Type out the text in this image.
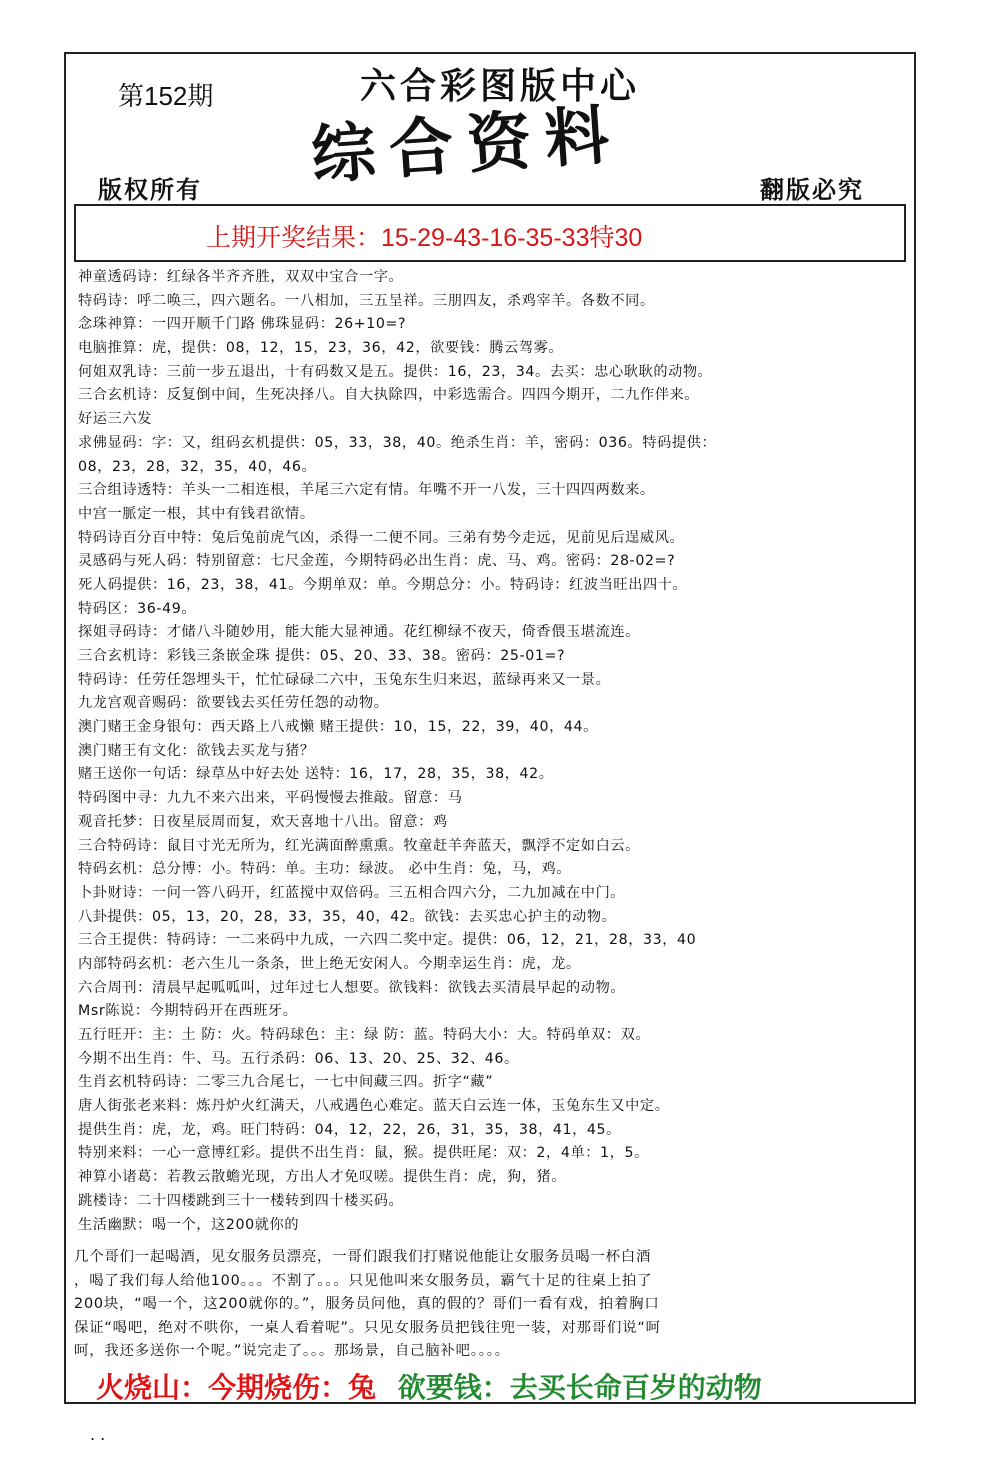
第152期	六合彩图版中心
综合资料
版权所有	翻版必究
上期开奖结果：15-29-43-16-35-33特30
神童透码诗：红绿各半齐齐胜，双双中宝合一字。
特码诗：呼二唤三，四六题名。一八相加，三五呈祥。三朋四友，杀鸡宰羊。各数不同。
念珠神算：一四开顺千门路 佛珠显码：26+10=?
电脑推算：虎，提供：08，12，15，23，36，42，欲要钱：腾云驾雾。
何姐双乳诗：三前一步五退出，十有码数又是五。提供：16，23，34。去买：忠心耿耿的动物。
三合玄机诗：反复倒中间，生死决择八。自大执除四，中彩选需合。四四今期开，二九作伴来。
好运三六发
求佛显码：字：又，组码玄机提供：05，33，38，40。绝杀生肖：羊，密码：036。特码提供：
08，23，28，32，35，40，46。
三合组诗透特：羊头一二相连根，羊尾三六定有情。年嘴不开一八发，三十四四两数来。
中宫一脈定一根，其中有钱君欲情。
特码诗百分百中特：兔后兔前虎气凶，杀得一二便不同。三弟有势今走远，见前见后逞威风。
灵感码与死人码：特别留意：七尺金莲，今期特码必出生肖：虎、马、鸡。密码：28-02=?
死人码提供：16，23，38，41。今期单双：单。今期总分：小。特码诗：红波当旺出四十。
特码区：36-49。
探姐寻码诗：才储八斗随妙用，能大能大显神通。花红柳绿不夜天，倚香偎玉堪流连。
三合玄机诗：彩钱三条嵌金珠 提供：05、20、33、38。密码：25-01=?
特码诗：任劳任怨埋头干，忙忙碌碌二六中，玉兔东生归来迟，蓝绿再来又一景。
九龙宫观音赐码：欲要钱去买任劳任怨的动物。
澳门赌王金身银句：西天路上八戒懒 赌王提供：10，15，22，39，40，44。
澳门赌王有文化：欲钱去买龙与猪？
赌王送你一句话：绿草丛中好去处 送特：16，17，28，35，38，42。
特码图中寻：九九不来六出来，平码慢慢去推敲。留意：马
观音托梦：日夜星辰周而复，欢天喜地十八出。留意：鸡
三合特码诗：鼠目寸光无所为，红光满面醉熏熏。牧童赶羊奔蓝天，飘浮不定如白云。
特码玄机：总分博：小。特码：单。主功：绿波。 必中生肖：兔，马，鸡。
卜卦财诗：一问一答八码开，红蓝搅中双倍码。三五相合四六分，二九加减在中门。
八卦提供：05，13，20，28，33，35，40，42。欲钱：去买忠心护主的动物。
三合王提供：特码诗：一二来码中九成，一六四二奖中定。提供：06，12，21，28，33，40
内部特码玄机：老六生儿一条条，世上绝无安闲人。今期幸运生肖：虎，龙。
六合周刊：清晨早起呱呱叫，过年过七人想要。欲钱料：欲钱去买清晨早起的动物。
Msr陈说：今期特码开在西班牙。
五行旺开：主：土 防：火。特码球色：主：绿 防：蓝。特码大小：大。特码单双：双。
今期不出生肖：牛、马。五行杀码：06、13、20、25、32、46。
生肖玄机特码诗：二零三九合尾七，一七中间藏三四。折字“藏”
唐人街张老来料：炼丹炉火红满天，八戒遇色心难定。蓝天白云连一体，玉兔东生又中定。
提供生肖：虎，龙，鸡。旺门特码：04，12，22，26，31，35，38，41，45。
特别来料：一心一意博红彩。提供不出生肖：鼠，猴。提供旺尾：双：2，4单：1，5。
神算小诸葛：若教云散蟾光现，方出人才免叹嗟。提供生肖：虎，狗，猪。
跳楼诗：二十四楼跳到三十一楼转到四十楼买码。
生活幽默：喝一个，这200就你的
几个哥们一起喝酒，见女服务员漂亮，一哥们跟我们打赌说他能让女服务员喝一杯白酒
，喝了我们每人给他100。。。不割了。。。只见他叫来女服务员，霸气十足的往桌上拍了
200块，“喝一个，这200就你的。”，服务员问他，真的假的？哥们一看有戏，拍着胸口
保证“喝吧，绝对不哄你，一桌人看着呢”。只见女服务员把钱往兜一装，对那哥们说“呵
呵，我还多送你一个呢。”说完走了。。。那场景，自己脑补吧。。。。
火烧山：今期烧伤：兔 欲要钱：去买长命百岁的动物
. .
